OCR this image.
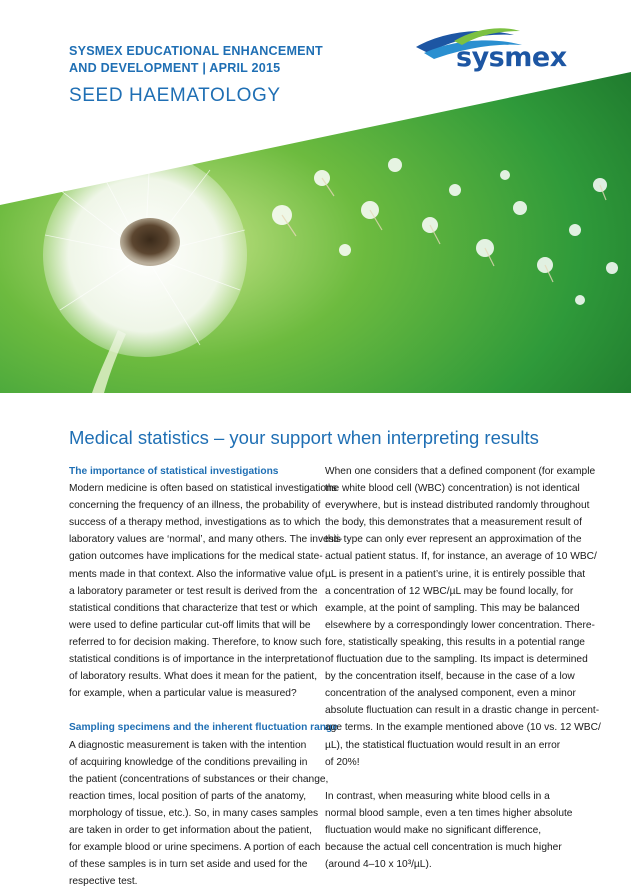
SYSMEX EDUCATIONAL ENHANCEMENT
AND DEVELOPMENT | APRIL 2015
SEED HAEMATOLOGY
sysmex
Medical statistics – your support when interpreting results
The importance of statistical investigations
Modern medicine is often based on statistical investigations
concerning the frequency of an illness, the probability of
success of a therapy method, investigations as to which
laboratory values are ‘normal’, and many others. The investi-
gation outcomes have implications for the medical state-
ments made in that context. Also the informative value of
a laboratory parameter or test result is derived from the
statistical conditions that characterize that test or which
were used to define particular cut-off limits that will be
referred to for decision making. Therefore, to know such
statistical conditions is of importance in the interpretation
of laboratory results. What does it mean for the patient,
for example, when a particular value is measured?
Sampling specimens and the inherent fluctuation range
A diagnostic measurement is taken with the intention
of acquiring knowledge of the conditions prevailing in
the patient (concentrations of substances or their change,
reaction times, local position of parts of the anatomy,
morphology of tissue, etc.). So, in many cases samples
are taken in order to get information about the patient,
for example blood or urine specimens. A portion of each
of these samples is in turn set aside and used for the
respective test.
When one considers that a defined component (for example
the white blood cell (WBC) concentration) is not identical
everywhere, but is instead distributed randomly throughout
the body, this demonstrates that a measurement result of
this type can only ever represent an approximation of the
actual patient status. If, for instance, an average of 10 WBC/
µL is present in a patient’s urine, it is entirely possible that
a concentration of 12 WBC/µL may be found locally, for
example, at the point of sampling. This may be balanced
elsewhere by a correspondingly lower concentration. There-
fore, statistically speaking, this results in a potential range
of fluctuation due to the sampling. Its impact is determined
by the concentration itself, because in the case of a low
concentration of the analysed component, even a minor
absolute fluctuation can result in a drastic change in percent-
age terms. In the example mentioned above (10 vs. 12 WBC/
µL), the statistical fluctuation would result in an error
of 20%!
In contrast, when measuring white blood cells in a
normal blood sample, even a ten times higher absolute
fluctuation would make no significant difference,
because the actual cell concentration is much higher
(around 4–10 x 10³/µL).
